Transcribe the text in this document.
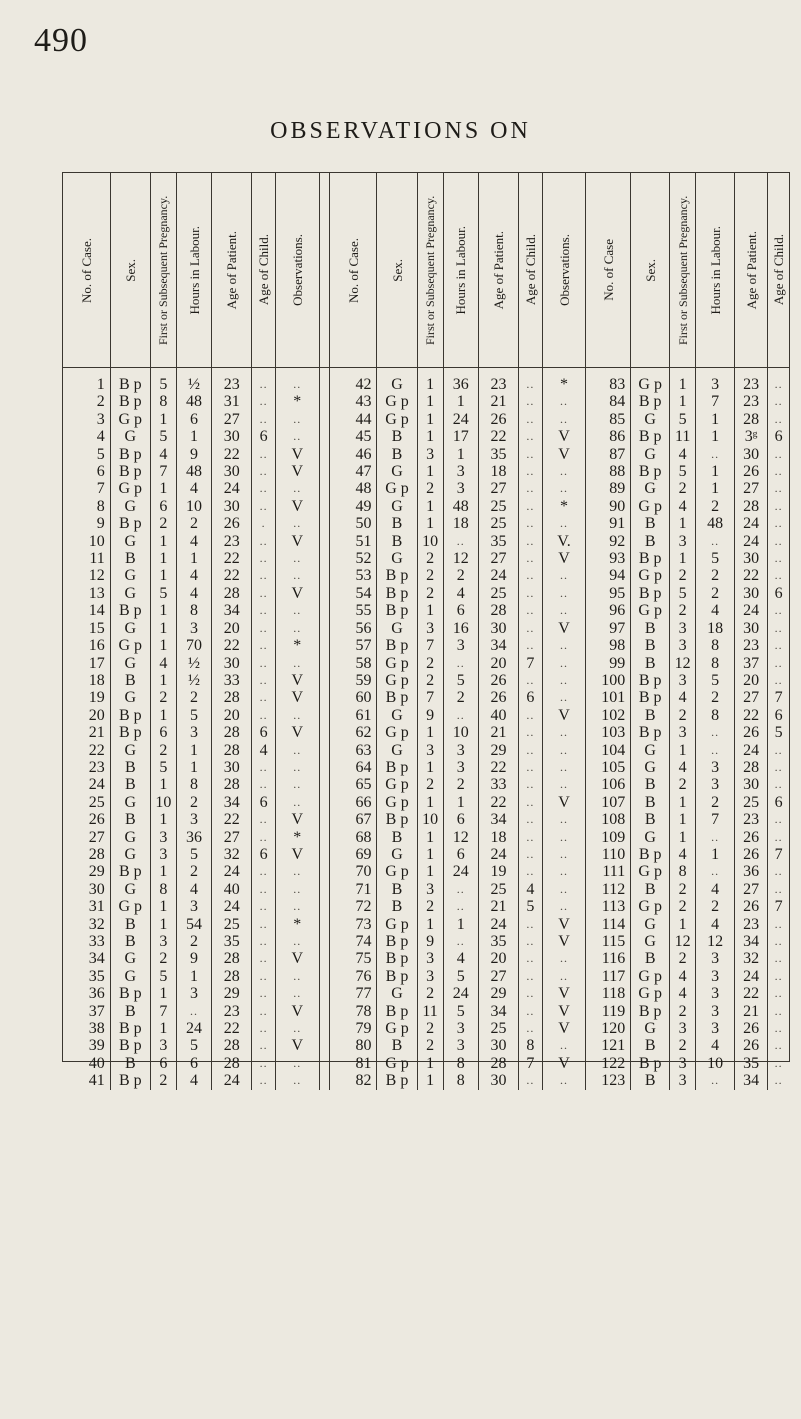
490
OBSERVATIONS ON
No. of Case.	Sex.	First or Subsequent Pregnancy.	Hours in Labour.	Age of Patient.	Age of Child.	Observations.		No. of Case.	Sex.	First or Subsequent Pregnancy.	Hours in Labour.	Age of Patient.	Age of Child.	Observations.	No. of Case	Sex.	First or Subsequent Pregnancy.	Hours in Labour.	Age of Patient.	Age of Child.

1	B p	5	½	23	..	..		42	G	1	36	23	..	*	83	G p	1	3	23	..
2	B p	8	48	31	..	*		43	G p	1	1	21	..	..	84	B p	1	7	23	..
3	G p	1	6	27	..	..		44	G p	1	24	26	..	..	85	G	5	1	28	..
4	G	5	1	30	6	..		45	B	1	17	22	..	V	86	B p	11	1	3ᵍ	6
5	B p	4	9	22	..	V		46	B	3	1	35	..	V	87	G	4	..	30	..
6	B p	7	48	30	..	V		47	G	1	3	18	..	..	88	B p	5	1	26	..
7	G p	1	4	24	..	..		48	G p	2	3	27	..	..	89	G	2	1	27	..
8	G	6	10	30	..	V		49	G	1	48	25	..	*	90	G p	4	2	28	..
9	B p	2	2	26	.	..		50	B	1	18	25	..	..	91	B	1	48	24	..
10	G	1	4	23	..	V		51	B	10	..	35	..	V.	92	B	3	..	24	..
11	B	1	1	22	..	..		52	G	2	12	27	..	V	93	B p	1	5	30	..
12	G	1	4	22	..	..		53	B p	2	2	24	..	..	94	G p	2	2	22	..
13	G	5	4	28	..	V		54	B p	2	4	25	..	..	95	B p	5	2	30	6
14	B p	1	8	34	..	..		55	B p	1	6	28	..	..	96	G p	2	4	24	..
15	G	1	3	20	..	..		56	G	3	16	30	..	V	97	B	3	18	30	..
16	G p	1	70	22	..	*		57	B p	7	3	34	..	..	98	B	3	8	23	..
17	G	4	½	30	..	..		58	G p	2	..	20	7	..	99	B	12	8	37	..
18	B	1	½	33	..	V		59	G p	2	5	26	..	..	100	B p	3	5	20	..
19	G	2	2	28	..	V		60	B p	7	2	26	6	..	101	B p	4	2	27	7
20	B p	1	5	20	..	..		61	G	9	..	40	..	V	102	B	2	8	22	6
21	B p	6	3	28	6	V		62	G p	1	10	21	..	..	103	B p	3	..	26	5
22	G	2	1	28	4	..		63	G	3	3	29	..	..	104	G	1	..	24	..
23	B	5	1	30	..	..		64	B p	1	3	22	..	..	105	G	4	3	28	..
24	B	1	8	28	..	..		65	G p	2	2	33	..	..	106	B	2	3	30	..
25	G	10	2	34	6	..		66	G p	1	1	22	..	V	107	B	1	2	25	6
26	B	1	3	22	..	V		67	B p	10	6	34	..	..	108	B	1	7	23	..
27	G	3	36	27	..	*		68	B	1	12	18	..	..	109	G	1	..	26	..
28	G	3	5	32	6	V		69	G	1	6	24	..	..	110	B p	4	1	26	7
29	B p	1	2	24	..	..		70	G p	1	24	19	..	..	111	G p	8	..	36	..
30	G	8	4	40	..	..		71	B	3	..	25	4	..	112	B	2	4	27	..
31	G p	1	3	24	..	..		72	B	2	..	21	5	..	113	G p	2	2	26	7
32	B	1	54	25	..	*		73	G p	1	1	24	..	V	114	G	1	4	23	..
33	B	3	2	35	..	..		74	B p	9	..	35	..	V	115	G	12	12	34	..
34	G	2	9	28	..	V		75	B p	3	4	20	..	..	116	B	2	3	32	..
35	G	5	1	28	..	..		76	B p	3	5	27	..	..	117	G p	4	3	24	..
36	B p	1	3	29	..	..		77	G	2	24	29	..	V	118	G p	4	3	22	..
37	B	7	..	23	..	V		78	B p	11	5	34	..	V	119	B p	2	3	21	..
38	B p	1	24	22	..	..		79	G p	2	3	25	..	V	120	G	3	3	26	..
39	B p	3	5	28	..	V		80	B	2	3	30	8	..	121	B	2	4	26	..
40	B	6	6	28	..	..		81	G p	1	8	28	7	V	122	B p	3	10	35	..
41	B p	2	4	24	..	..		82	B p	1	8	30	..	..	123	B	3	..	34	..
